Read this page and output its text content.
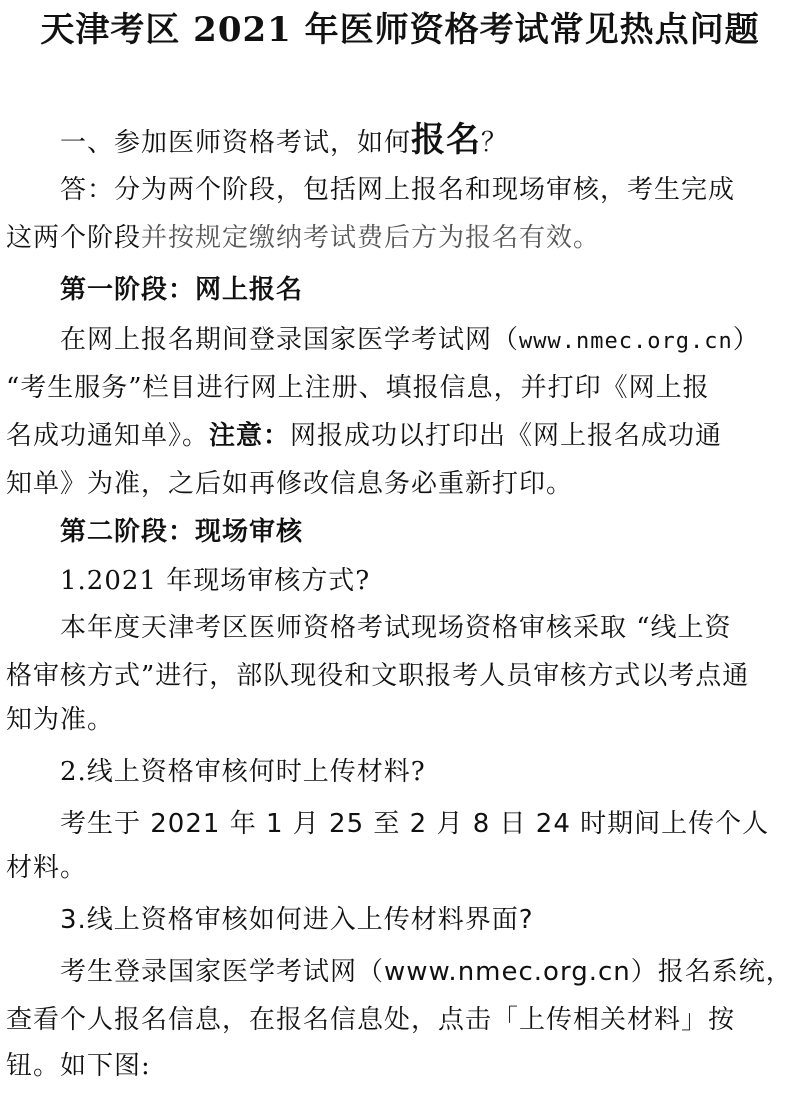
天津考区 2021 年医师资格考试常见热点问题
一、参加医师资格考试，如何报名？
答：分为两个阶段，包括网上报名和现场审核，考生完成
这两个阶段并按规定缴纳考试费后方为报名有效。
第一阶段：网上报名
在网上报名期间登录国家医学考试网（www.nmec.org.cn）
“考生服务”栏目进行网上注册、填报信息，并打印《网上报
名成功通知单》。注意：网报成功以打印出《网上报名成功通
知单》为准，之后如再修改信息务必重新打印。
第二阶段：现场审核
1.2021 年现场审核方式?
本年度天津考区医师资格考试现场资格审核采取 “线上资
格审核方式”进行，部队现役和文职报考人员审核方式以考点通
知为准。
2.线上资格审核何时上传材料?
考生于 2021 年 1 月 25 至 2 月 8 日 24 时期间上传个人
材料。
3.线上资格审核如何进入上传材料界面?
考生登录国家医学考试网（www.nmec.org.cn）报名系统，
查看个人报名信息，在报名信息处，点击「上传相关材料」按
钮。如下图:
